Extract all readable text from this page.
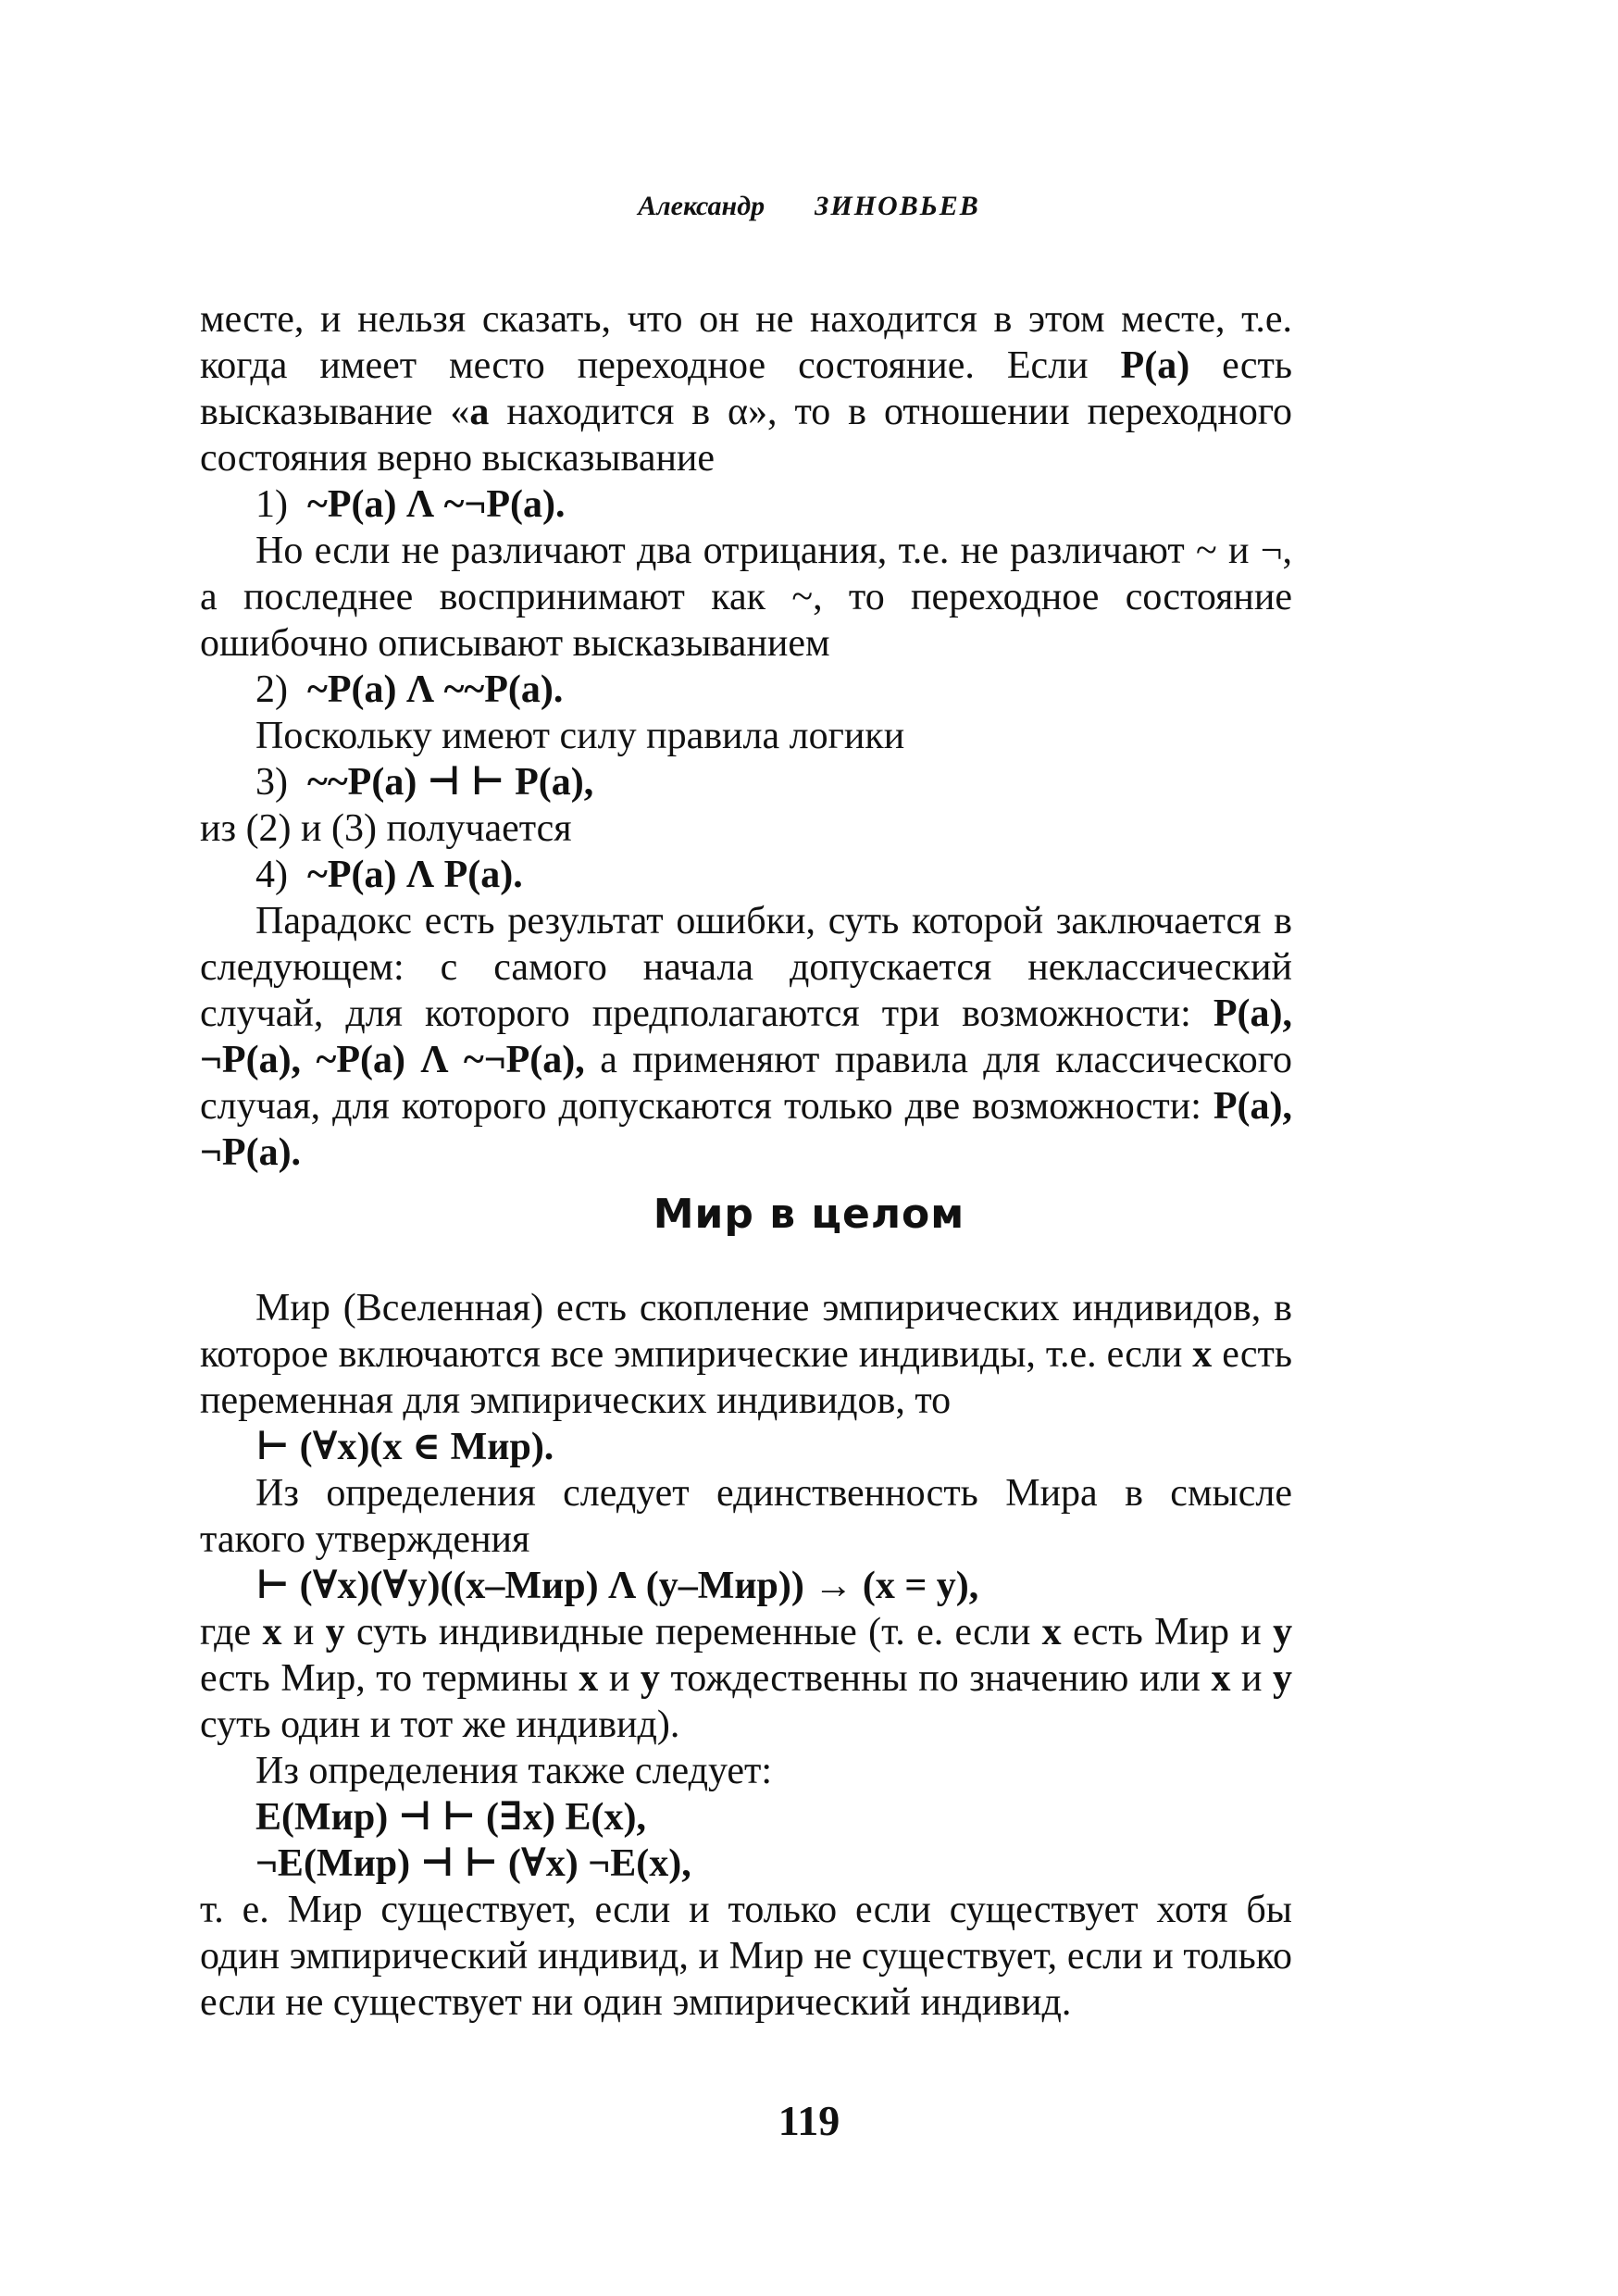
Александр ЗИНОВЬЕВ

месте, и нельзя сказать, что он не находится в этом месте, т.е. когда имеет место переходное состояние. Если P(a) есть высказывание «a находится в α», то в отношении переходного состояния верно высказывание

1) ~P(a) Λ ~¬P(a).

Но если не различают два отрицания, т.е. не различают ~ и ¬, а последнее воспринимают как ~, то переходное состояние ошибочно описывают высказыванием

2) ~P(a) Λ ~~P(a).

Поскольку имеют силу правила логики

3) ~~P(a) ⊣ ⊢ P(a),

из (2) и (3) получается

4) ~P(a) Λ P(a).

Парадокс есть результат ошибки, суть которой заключается в следующем: с самого начала допускается неклассический случай, для которого предполагаются три возможности: P(a), ¬P(a), ~P(a) Λ ~¬P(a), а применяют правила для классического случая, для которого допускаются только две возможности: P(a), ¬P(a).

Мир в целом

Мир (Вселенная) есть скопление эмпирических индивидов, в которое включаются все эмпирические индивиды, т.е. если x есть переменная для эмпирических индивидов, то

⊢ (∀x)(x ∈ Мир).

Из определения следует единственность Мира в смысле такого утверждения

⊢ (∀x)(∀y)((x–Мир) Λ (y–Мир)) → (x = y),

где x и y суть индивидные переменные (т. е. если x есть Мир и y есть Мир, то термины x и y тождественны по значению или x и y суть один и тот же индивид).

Из определения также следует:

E(Мир) ⊣ ⊢ (∃x) E(x),

¬E(Мир) ⊣ ⊢ (∀x) ¬E(x),

т. е. Мир существует, если и только если существует хотя бы один эмпирический индивид, и Мир не существует, если и только если не существует ни один эмпирический индивид.

119
